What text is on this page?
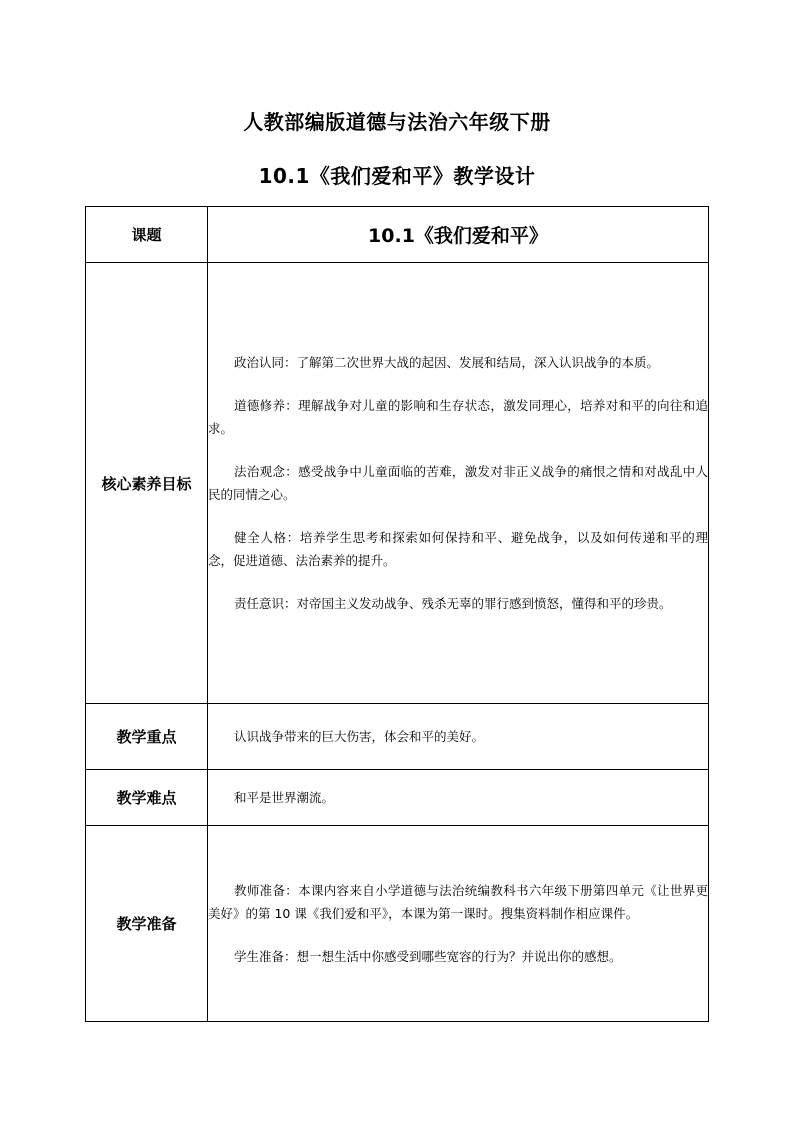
人教部编版道德与法治六年级下册
10.1《我们爱和平》教学设计
课题	10.1《我们爱和平》
核心素养目标	政治认同：了解第二次世界大战的起因、发展和结局，深入认识战争的本质。

道德修养：理解战争对儿童的影响和生存状态，激发同理心，培养对和平的向往和追求。

法治观念：感受战争中儿童面临的苦难，激发对非正义战争的痛恨之情和对战乱中人民的同情之心。

健全人格：培养学生思考和探索如何保持和平、避免战争，以及如何传递和平的理念，促进道德、法治素养的提升。

责任意识：对帝国主义发动战争、残杀无辜的罪行感到愤怒，懂得和平的珍贵。

教学重点	认识战争带来的巨大伤害，体会和平的美好。

教学难点	和平是世界潮流。

教学准备	教师准备：本课内容来自小学道德与法治统编教科书六年级下册第四单元《让世界更美好》的第 10 课《我们爱和平》，本课为第一课时。搜集资料制作相应课件。

学生准备：想一想生活中你感受到哪些宽容的行为？并说出你的感想。
